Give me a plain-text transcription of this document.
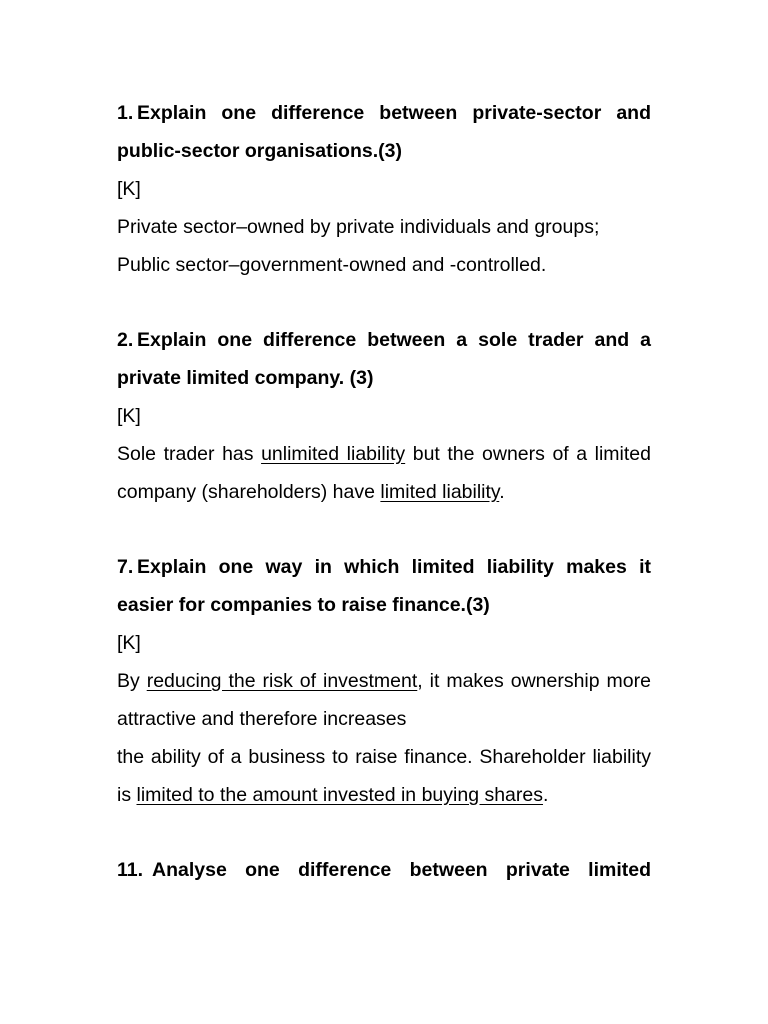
1. Explain one difference between private-sector and public-sector organisations.(3)

[K]

Private sector–owned by private individuals and groups;

Public sector–government-owned and -controlled.

2. Explain one difference between a sole trader and a private limited company. (3)

[K]

Sole trader has unlimited liability but the owners of a limited company (shareholders) have limited liability.

7. Explain one way in which limited liability makes it easier for companies to raise finance.(3)

[K]

By reducing the risk of investment, it makes ownership more attractive and therefore increases

the ability of a business to raise finance. Shareholder liability is limited to the amount invested in buying shares.

11. Analyse one difference between private limited
